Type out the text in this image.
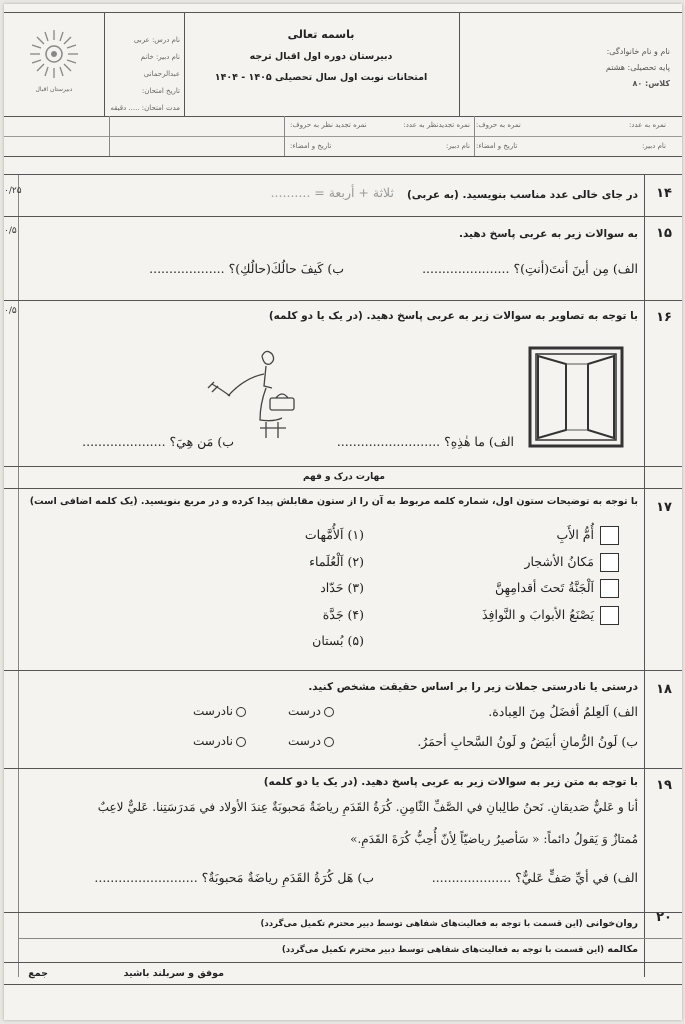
نام و نام خانوادگی:
پایه تحصیلی: هشتم
کلاس: ۸۰
باسمه تعالی
دبیرستان دوره اول اقبال ترجه
امتحانات نوبت اول سال تحصیلی ۱۴۰۵ - ۱۴۰۴
نام درس: عربی
نام دبیر: خانم عبدالرحمانی
تاریخ امتحان:
مدت امتحان: ..... دقیقه
دبیرستان اقبال
نمره به عدد:
نمره به حروف:
نمره تجدیدنظر به عدد:
نمره تجدید نظر به حروف:
نام دبیر:
تاریخ و امضاء:
نام دبیر:
تاریخ و امضاء:
۱۴
در جای خالی عدد مناسب بنویسید. (به عربی)
ثلاثة + أربعة = ..........
۰/۲۵
۱۵
به سوالات زیر به عربی پاسخ دهید.
الف) مِن أينَ أنتَ(أنتِ)؟ ......................
ب) كَيفَ حالُكَ(حالُكِ)؟ ...................
۰/۵
۱۶
با توجه به تصاویر به سوالات زیر به عربی پاسخ دهید. (در یک یا دو کلمه)
۰/۵
الف) ما هٰذِهِ؟ ..........................
ب) مَن هِيَ؟ .....................
مهارت درک و فهم
۱۷
با توجه به توضیحات ستون اول، شماره کلمه مربوط به آن را از ستون مقابلش پیدا کرده و در مربع بنویسید. (یک کلمه اضافی است)
أُمُّ الأَبِ
مَكانُ الأشجار
اَلْجَنَّةُ تَحتَ أقدامِهِنَّ
يَصْنَعُ الأبوابَ و النَّوافِذَ
(۱) اَلأُمَّهات
(۲) اَلْعُلَماء
(۳) حَدّاد
(۴) جَدَّة
(۵) بُستان
۱۸
درستی یا نادرستی جملات زیر را بر اساس حقیقت مشخص کنید.
الف) اَلعِلمُ أفضَلُ مِنَ العِبادة.
ب) لَونُ الرُّمانِ أبيَضُ و لَونُ السَّحابِ أحمَرُ.
درست
نادرست
درست
نادرست
۱۹
با توجه به متن زیر به سوالات زیر به عربی پاسخ دهید. (در یک یا دو کلمه)
أنا و عَليٌّ صَديقانِ. نَحنُ طالِبانِ في الصَّفِّ الثّامِنِ. كُرَةُ القَدَمِ رياضَةٌ مَحبوبَةٌ عِندَ الأولاد في مَدرَسَتِنا. عَليٌّ لاعِبٌ
مُمتازٌ وَ يَقولُ دائماً: « سَأصيرُ رياضيّاً لِأنّ أُحِبُّ كُرَةَ القَدَمِ.»
الف) في أيِّ صَفٍّ عَليٌّ؟ ....................
ب) هَل كُرَةُ القَدَمِ رياضَةٌ مَحبوبَةٌ؟ ..........................
۲۰
روان‌خوانی (این قسمت با توجه به فعالیت‌های شفاهی توسط دبیر محترم تکمیل می‌گردد)
مکالمه (این قسمت با توجه به فعالیت‌های شفاهی توسط دبیر محترم تکمیل می‌گردد)
موفق و سربلند باشید
جمع
